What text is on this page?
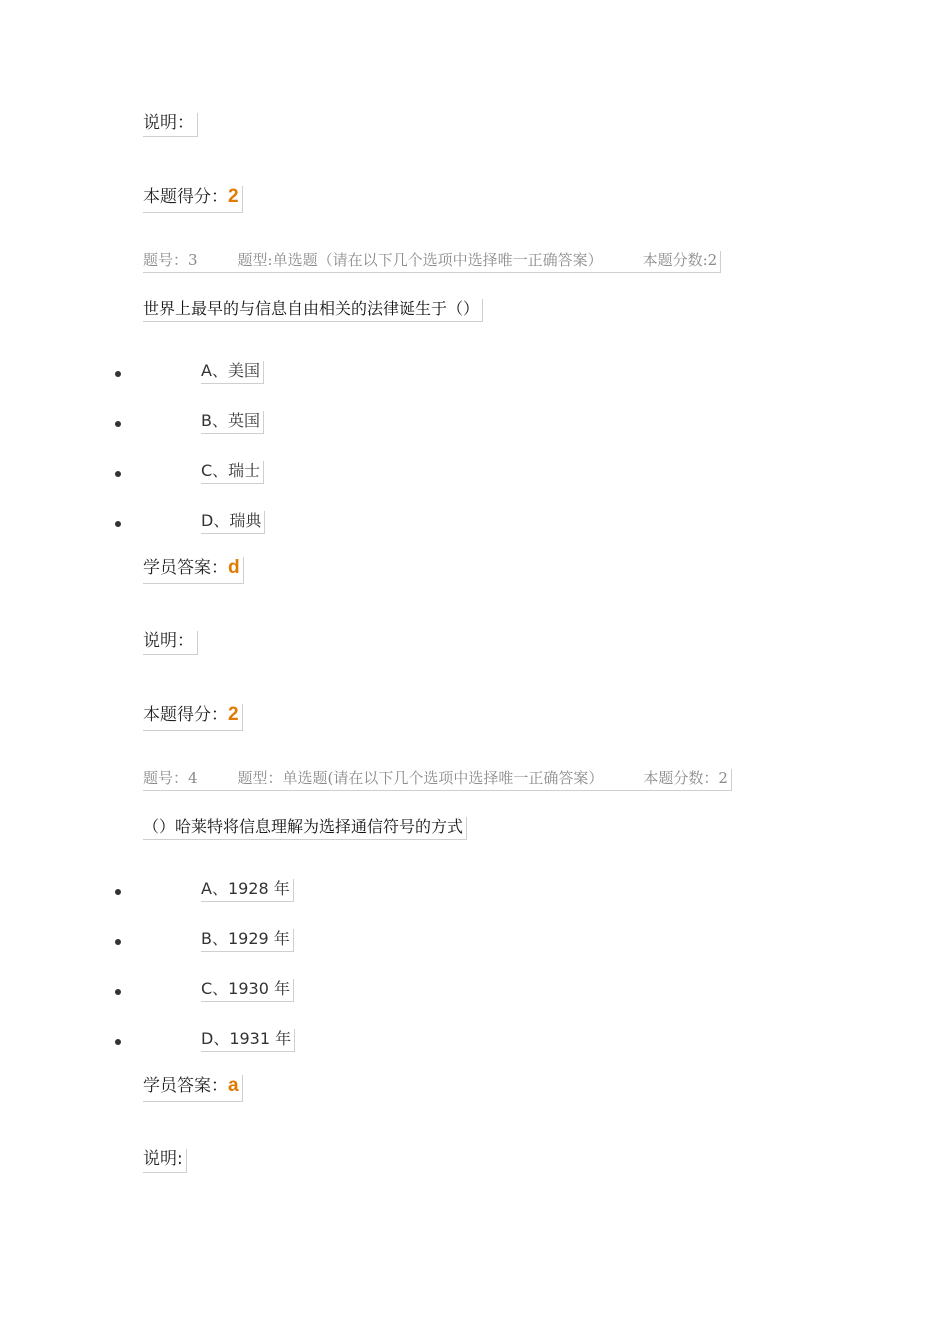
说明：
本题得分：2
题号：3	题型:单选题（请在以下几个选项中选择唯一正确答案）	本题分数:2
世界上最早的与信息自由相关的法律诞生于（）
A、美国
B、英国
C、瑞士
D、瑞典
学员答案：d
说明：
本题得分：2
题号：4	题型：单选题(请在以下几个选项中选择唯一正确答案）	本题分数：2
（）哈莱特将信息理解为选择通信符号的方式
A、1928 年
B、1929 年
C、1930 年
D、1931 年
学员答案：a
说明:
